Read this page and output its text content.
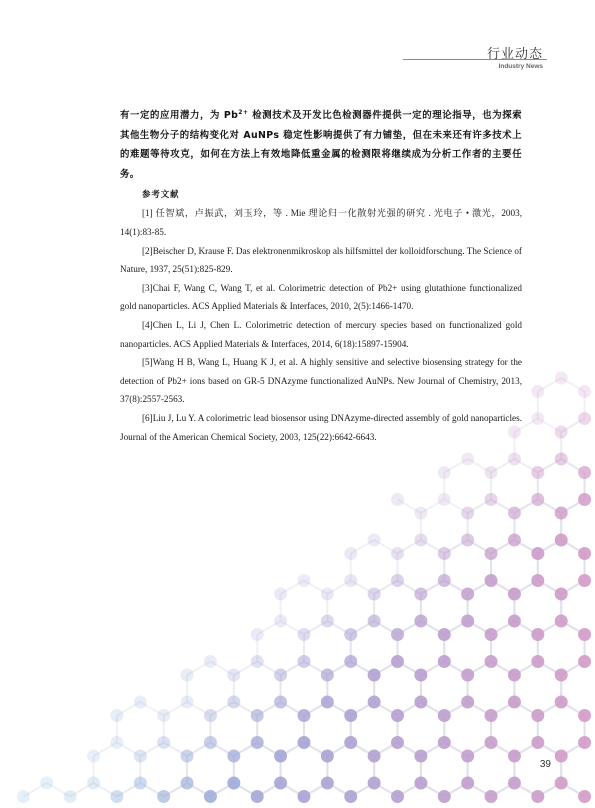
行业动态
Industry News

有一定的应用潜力，为 $Pb^{2+}$ 检测技术及开发比色检测器件提供一定的理论指导，也为探索其他生物分子的结构变化对 AuNPs 稳定性影响提供了有力铺垫，但在未来还有许多技术上的难题等待攻克，如何在方法上有效地降低重金属的检测限将继续成为分析工作者的主要任务。

参考文献

[1] 任智斌，卢振武，刘玉玲，等 . Mie 理论归一化散射光强的研究 . 光电子 • 激光，2003, 14(1):83-85.

[2]Beischer D, Krause F. Das elektronenmikroskop als hilfsmittel der kolloidforschung. The Science of Nature, 1937, 25(51):825-829.

[3]Chai F, Wang C, Wang T, et al. Colorimetric detection of Pb2+ using glutathione functionalized gold nanoparticles. ACS Applied Materials & Interfaces, 2010, 2(5):1466-1470.

[4]Chen L, Li J, Chen L. Colorimetric detection of mercury species based on functionalized gold nanoparticles. ACS Applied Materials & Interfaces, 2014, 6(18):15897-15904.

[5]Wang H B, Wang L, Huang K J, et al. A highly sensitive and selective biosensing strategy for the detection of Pb2+ ions based on GR-5 DNAzyme functionalized AuNPs. New Journal of Chemistry, 2013, 37(8):2557-2563.

[6]Liu J, Lu Y. A colorimetric lead biosensor using DNAzyme-directed assembly of gold nanoparticles. Journal of the American Chemical Society, 2003, 125(22):6642-6643.

39
